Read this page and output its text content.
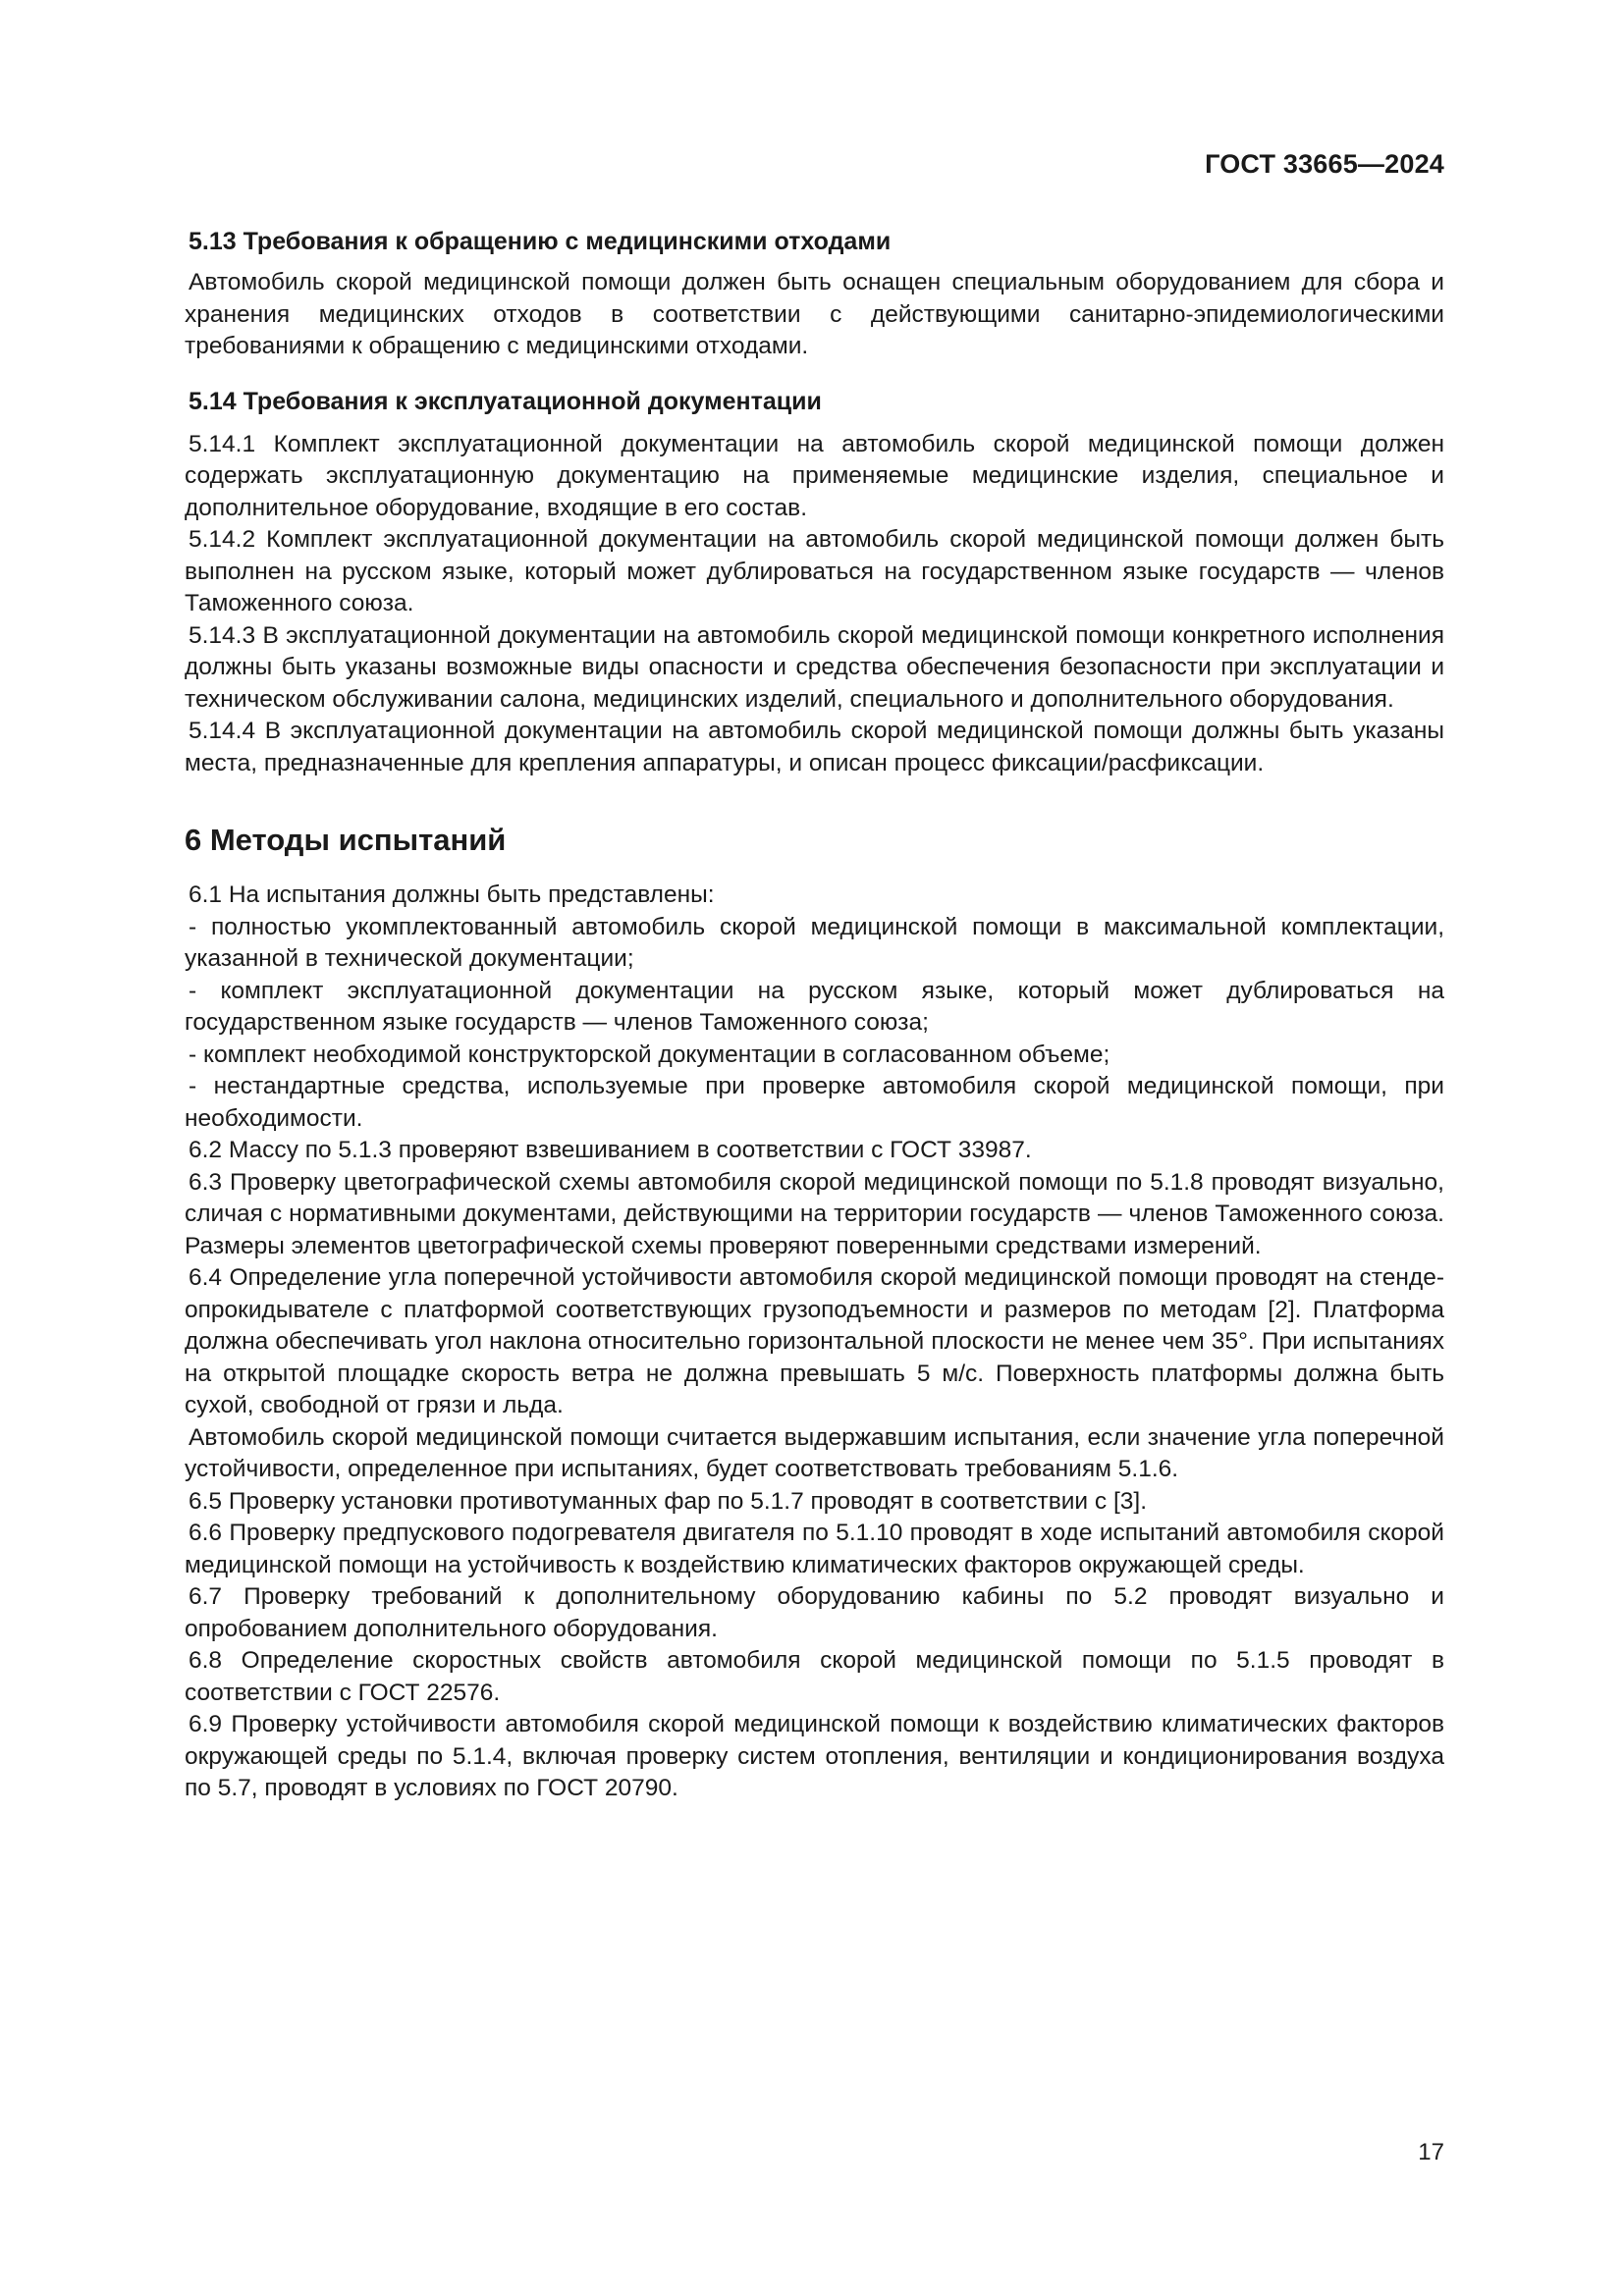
ГОСТ 33665—2024

5.13 Требования к обращению с медицинскими отходами

Автомобиль скорой медицинской помощи должен быть оснащен специальным оборудованием для сбора и хранения медицинских отходов в соответствии с действующими санитарно-эпидемиологическими требованиями к обращению с медицинскими отходами.

5.14 Требования к эксплуатационной документации

5.14.1 Комплект эксплуатационной документации на автомобиль скорой медицинской помощи должен содержать эксплуатационную документацию на применяемые медицинские изделия, специальное и дополнительное оборудование, входящие в его состав.

5.14.2 Комплект эксплуатационной документации на автомобиль скорой медицинской помощи должен быть выполнен на русском языке, который может дублироваться на государственном языке государств — членов Таможенного союза.

5.14.3 В эксплуатационной документации на автомобиль скорой медицинской помощи конкретного исполнения должны быть указаны возможные виды опасности и средства обеспечения безопасности при эксплуатации и техническом обслуживании салона, медицинских изделий, специального и дополнительного оборудования.

5.14.4 В эксплуатационной документации на автомобиль скорой медицинской помощи должны быть указаны места, предназначенные для крепления аппаратуры, и описан процесс фиксации/расфиксации.

6 Методы испытаний

6.1 На испытания должны быть представлены:

- полностью укомплектованный автомобиль скорой медицинской помощи в максимальной комплектации, указанной в технической документации;

- комплект эксплуатационной документации на русском языке, который может дублироваться на государственном языке государств — членов Таможенного союза;

- комплект необходимой конструкторской документации в согласованном объеме;

- нестандартные средства, используемые при проверке автомобиля скорой медицинской помощи, при необходимости.

6.2 Массу по 5.1.3 проверяют взвешиванием в соответствии с ГОСТ 33987.

6.3 Проверку цветографической схемы автомобиля скорой медицинской помощи по 5.1.8 проводят визуально, сличая с нормативными документами, действующими на территории государств — членов Таможенного союза. Размеры элементов цветографической схемы проверяют поверенными средствами измерений.

6.4 Определение угла поперечной устойчивости автомобиля скорой медицинской помощи проводят на стенде-опрокидывателе с платформой соответствующих грузоподъемности и размеров по методам [2]. Платформа должна обеспечивать угол наклона относительно горизонтальной плоскости не менее чем 35°. При испытаниях на открытой площадке скорость ветра не должна превышать 5 м/с. Поверхность платформы должна быть сухой, свободной от грязи и льда.

Автомобиль скорой медицинской помощи считается выдержавшим испытания, если значение угла поперечной устойчивости, определенное при испытаниях, будет соответствовать требованиям 5.1.6.

6.5 Проверку установки противотуманных фар по 5.1.7 проводят в соответствии с [3].

6.6 Проверку предпускового подогревателя двигателя по 5.1.10 проводят в ходе испытаний автомобиля скорой медицинской помощи на устойчивость к воздействию климатических факторов окружающей среды.

6.7 Проверку требований к дополнительному оборудованию кабины по 5.2 проводят визуально и опробованием дополнительного оборудования.

6.8 Определение скоростных свойств автомобиля скорой медицинской помощи по 5.1.5 проводят в соответствии с ГОСТ 22576.

6.9 Проверку устойчивости автомобиля скорой медицинской помощи к воздействию климатических факторов окружающей среды по 5.1.4, включая проверку систем отопления, вентиляции и кондиционирования воздуха по 5.7, проводят в условиях по ГОСТ 20790.

17
